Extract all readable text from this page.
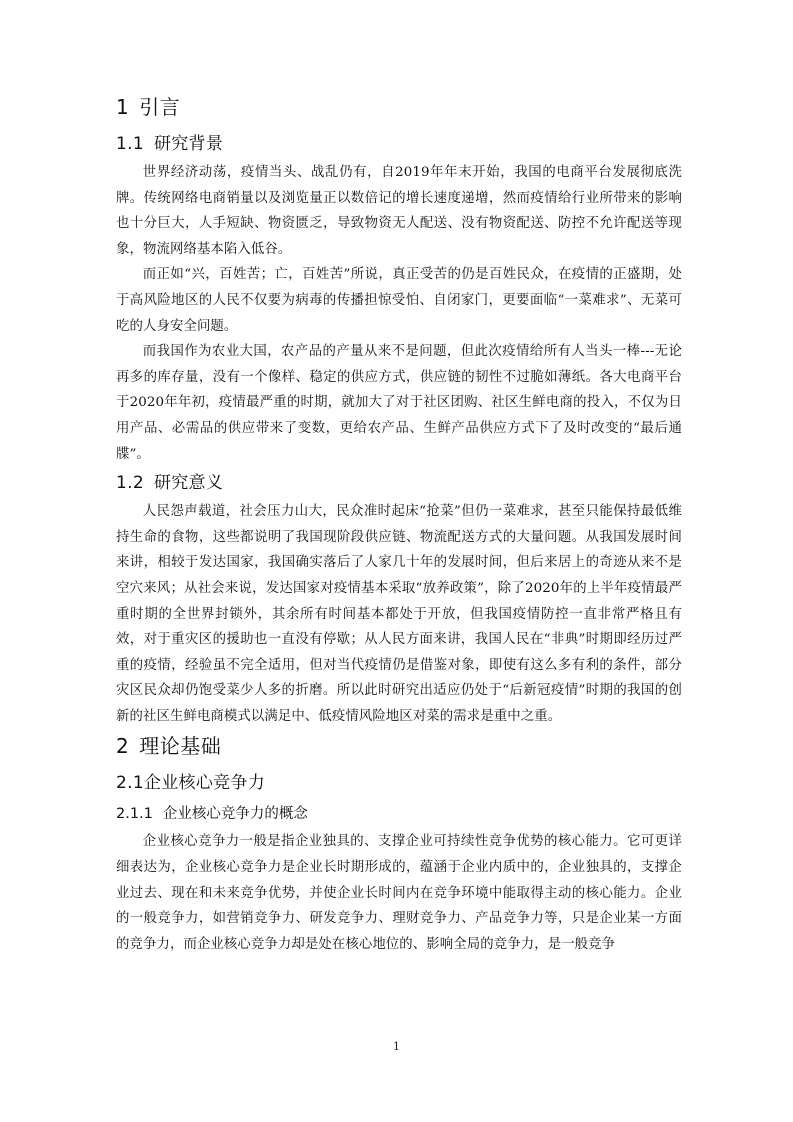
1 引言
1.1 研究背景

世界经济动荡，疫情当头、战乱仍有，自2019年年末开始，我国的电商平台发展彻底洗牌。传统网络电商销量以及浏览量正以数倍记的增长速度递增，然而疫情给行业所带来的影响也十分巨大，人手短缺、物资匮乏，导致物资无人配送、没有物资配送、防控不允许配送等现象，物流网络基本陷入低谷。

而正如“兴，百姓苦；亡，百姓苦”所说，真正受苦的仍是百姓民众，在疫情的正盛期，处于高风险地区的人民不仅要为病毒的传播担惊受怕、自闭家门，更要面临“一菜难求”、无菜可吃的人身安全问题。

而我国作为农业大国，农产品的产量从来不是问题，但此次疫情给所有人当头一棒---无论再多的库存量，没有一个像样、稳定的供应方式，供应链的韧性不过脆如薄纸。各大电商平台于2020年年初，疫情最严重的时期，就加大了对于社区团购、社区生鲜电商的投入，不仅为日用产品、必需品的供应带来了变数，更给农产品、生鲜产品供应方式下了及时改变的“最后通牒”。

1.2 研究意义

人民怨声载道，社会压力山大，民众准时起床“抢菜”但仍一菜难求，甚至只能保持最低维持生命的食物，这些都说明了我国现阶段供应链、物流配送方式的大量问题。从我国发展时间来讲，相较于发达国家，我国确实落后了人家几十年的发展时间，但后来居上的奇迹从来不是空穴来风；从社会来说，发达国家对疫情基本采取“放养政策”，除了2020年的上半年疫情最严重时期的全世界封锁外，其余所有时间基本都处于开放，但我国疫情防控一直非常严格且有效，对于重灾区的援助也一直没有停歇；从人民方面来讲，我国人民在“非典”时期即经历过严重的疫情，经验虽不完全适用，但对当代疫情仍是借鉴对象，即使有这么多有利的条件，部分灾区民众却仍饱受菜少人多的折磨。所以此时研究出适应仍处于“后新冠疫情”时期的我国的创新的社区生鲜电商模式以满足中、低疫情风险地区对菜的需求是重中之重。

2 理论基础
2.1企业核心竞争力
2.1.1 企业核心竞争力的概念

企业核心竞争力一般是指企业独具的、支撑企业可持续性竞争优势的核心能力。它可更详细表达为，企业核心竞争力是企业长时期形成的，蕴涵于企业内质中的，企业独具的，支撑企业过去、现在和未来竞争优势，并使企业长时间内在竞争环境中能取得主动的核心能力。企业的一般竞争力，如营销竞争力、研发竞争力、理财竞争力、产品竞争力等，只是企业某一方面的竞争力，而企业核心竞争力却是处在核心地位的、影响全局的竞争力，是一般竞争

1
